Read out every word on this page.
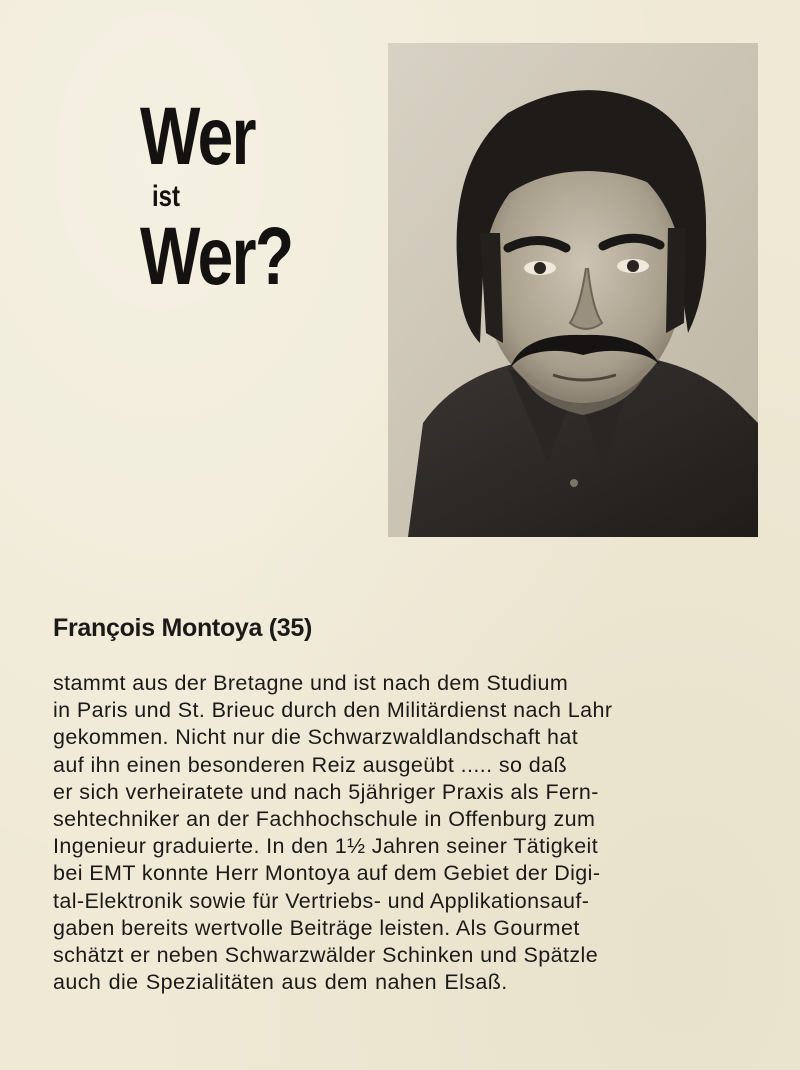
Wer
ist
Wer?
François Montoya (35)
stammt aus der Bretagne und ist nach dem Studium
in Paris und St. Brieuc durch den Militärdienst nach Lahr
gekommen. Nicht nur die Schwarzwaldlandschaft hat
auf ihn einen besonderen Reiz ausgeübt ..... so daß
er sich verheiratete und nach 5jähriger Praxis als Fern-
sehtechniker an der Fachhochschule in Offenburg zum
Ingenieur graduierte. In den 1½ Jahren seiner Tätigkeit
bei EMT konnte Herr Montoya auf dem Gebiet der Digi-
tal-Elektronik sowie für Vertriebs- und Applikationsauf-
gaben bereits wertvolle Beiträge leisten. Als Gourmet
schätzt er neben Schwarzwälder Schinken und Spätzle
auch die Spezialitäten aus dem nahen Elsaß.
